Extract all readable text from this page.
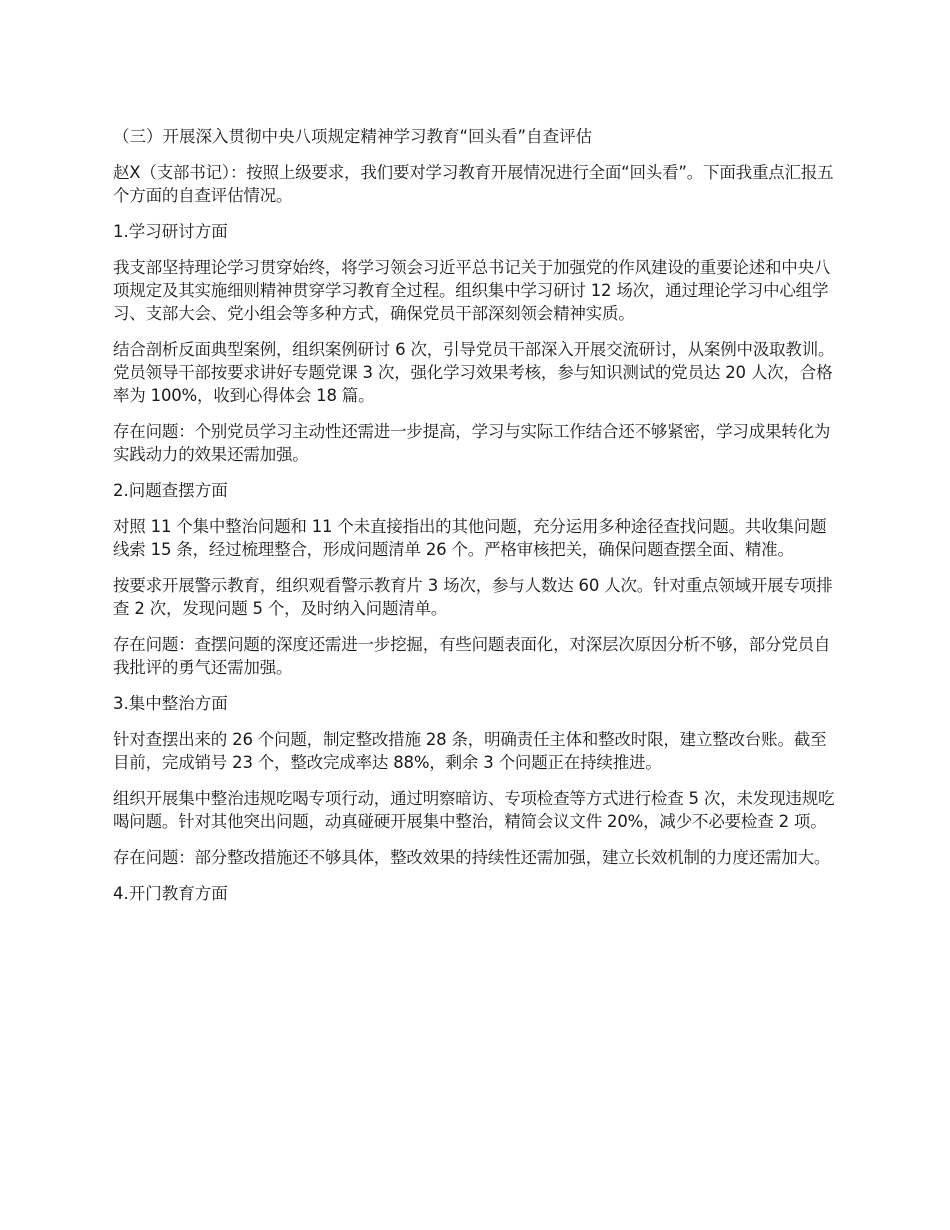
（三）开展深入贯彻中央八项规定精神学习教育“回头看”自查评估

赵X（支部书记）：按照上级要求，我们要对学习教育开展情况进行全面“回头看”。下面我重点汇报五个方面的自查评估情况。

1.学习研讨方面

我支部坚持理论学习贯穿始终，将学习领会习近平总书记关于加强党的作风建设的重要论述和中央八项规定及其实施细则精神贯穿学习教育全过程。组织集中学习研讨 12 场次，通过理论学习中心组学习、支部大会、党小组会等多种方式，确保党员干部深刻领会精神实质。

结合剖析反面典型案例，组织案例研讨 6 次，引导党员干部深入开展交流研讨，从案例中汲取教训。党员领导干部按要求讲好专题党课 3 次，强化学习效果考核，参与知识测试的党员达 20 人次，合格率为 100%，收到心得体会 18 篇。

存在问题：个别党员学习主动性还需进一步提高，学习与实际工作结合还不够紧密，学习成果转化为实践动力的效果还需加强。

2.问题查摆方面

对照 11 个集中整治问题和 11 个未直接指出的其他问题，充分运用多种途径查找问题。共收集问题线索 15 条，经过梳理整合，形成问题清单 26 个。严格审核把关，确保问题查摆全面、精准。

按要求开展警示教育，组织观看警示教育片 3 场次，参与人数达 60 人次。针对重点领域开展专项排查 2 次，发现问题 5 个，及时纳入问题清单。

存在问题：查摆问题的深度还需进一步挖掘，有些问题表面化，对深层次原因分析不够，部分党员自我批评的勇气还需加强。

3.集中整治方面

针对查摆出来的 26 个问题，制定整改措施 28 条，明确责任主体和整改时限，建立整改台账。截至目前，完成销号 23 个，整改完成率达 88%，剩余 3 个问题正在持续推进。

组织开展集中整治违规吃喝专项行动，通过明察暗访、专项检查等方式进行检查 5 次，未发现违规吃喝问题。针对其他突出问题，动真碰硬开展集中整治，精简会议文件 20%，减少不必要检查 2 项。

存在问题：部分整改措施还不够具体，整改效果的持续性还需加强，建立长效机制的力度还需加大。

4.开门教育方面
